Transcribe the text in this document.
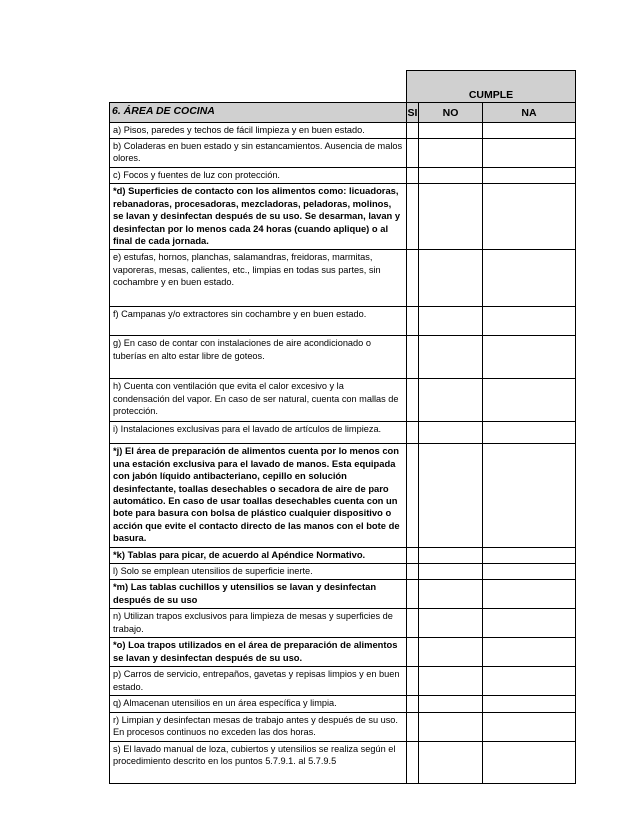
	CUMPLE		
6. ÁREA DE COCINA	SI	NO	NA
a) Pisos, paredes y techos de fácil limpieza y en buen estado.			
b) Coladeras en buen estado y sin estancamientos. Ausencia de malos olores.			
c) Focos y fuentes de luz con protección.			
*d) Superficies de contacto con los alimentos como: licuadoras, rebanadoras, procesadoras, mezcladoras, peladoras, molinos, se lavan y desinfectan después de su uso. Se desarman, lavan y desinfectan por lo menos cada 24 horas (cuando aplique) o al final de cada jornada.			
e) estufas, hornos, planchas, salamandras, freidoras, marmitas, vaporeras, mesas, calientes, etc., limpias en todas sus partes, sin cochambre y en buen estado.			
f) Campanas y/o extractores sin cochambre y en buen estado.			
g) En caso de contar con instalaciones de aire acondicionado o tuberías en alto estar libre de goteos.			
h) Cuenta con ventilación que evita el calor excesivo y la condensación del vapor. En caso de ser natural, cuenta con mallas de protección.			
i) Instalaciones exclusivas para el lavado de artículos de limpieza.			
*j) El área de preparación de alimentos cuenta por lo menos con una estación exclusiva para el lavado de manos. Esta equipada con jabón líquido antibacteriano, cepillo en solución desinfectante, toallas desechables o secadora de aire de paro automático. En caso de usar toallas desechables cuenta con un bote para basura con bolsa de plástico cualquier dispositivo o acción que evite el contacto directo de las manos con el bote de basura.			
*k) Tablas para picar, de acuerdo al Apéndice Normativo.			
l) Solo se emplean utensilios de superficie inerte.			
*m) Las tablas cuchillos y utensilios se lavan y desinfectan después de su uso			
n) Utilizan trapos exclusivos para limpieza de mesas y superficies de trabajo.			
*o) Loa trapos utilizados en el área de preparación de alimentos se lavan y desinfectan después de su uso.			
p) Carros de servicio, entrepaños, gavetas y repisas limpios y en buen estado.			
q) Almacenan utensilios en un área específica y limpia.			
r) Limpian y desinfectan mesas de trabajo antes y después de su uso. En procesos continuos no exceden las dos horas.			
s) El lavado manual de loza, cubiertos y utensilios se realiza según el procedimiento descrito en los puntos 5.7.9.1. al 5.7.9.5			
